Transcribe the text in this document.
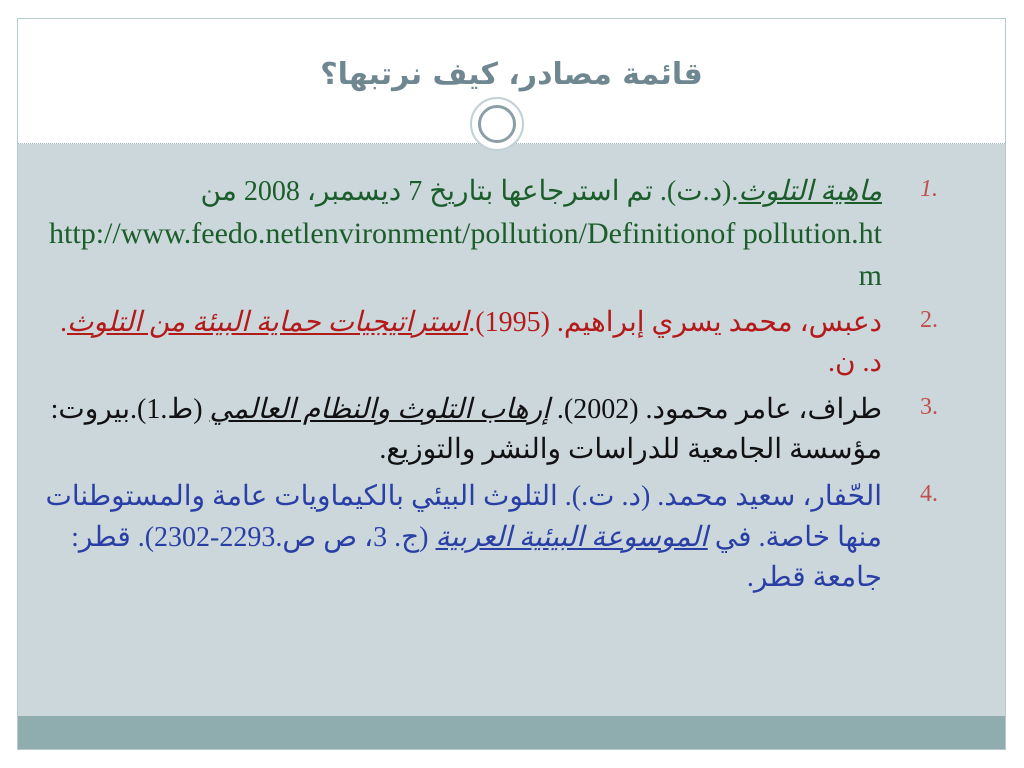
قائمة مصادر، كيف نرتبها؟
1.
ماهية التلوث.(د.ت). تم استرجاعها بتاريخ 7 ديسمبر، 2008 من
http://www.feedo.netlenvironment/pollution/Definitionof pollution.htm
2.
دعبس، محمد يسري إبراهيم. (1995).استراتيجيات حماية البيئة من التلوث. د. ن.
3.
طراف، عامر محمود. (2002). إرهاب التلوث والنظام العالمي (ط.1).بيروت: مؤسسة الجامعية للدراسات والنشر والتوزيع.
4.
الحّفار، سعيد محمد. (د. ت.). التلوث البيئي بالكيماويات عامة والمستوطنات منها خاصة. في الموسوعة البيئية العربية (ج. 3، ص ص.2293-2302). قطر: جامعة قطر.
